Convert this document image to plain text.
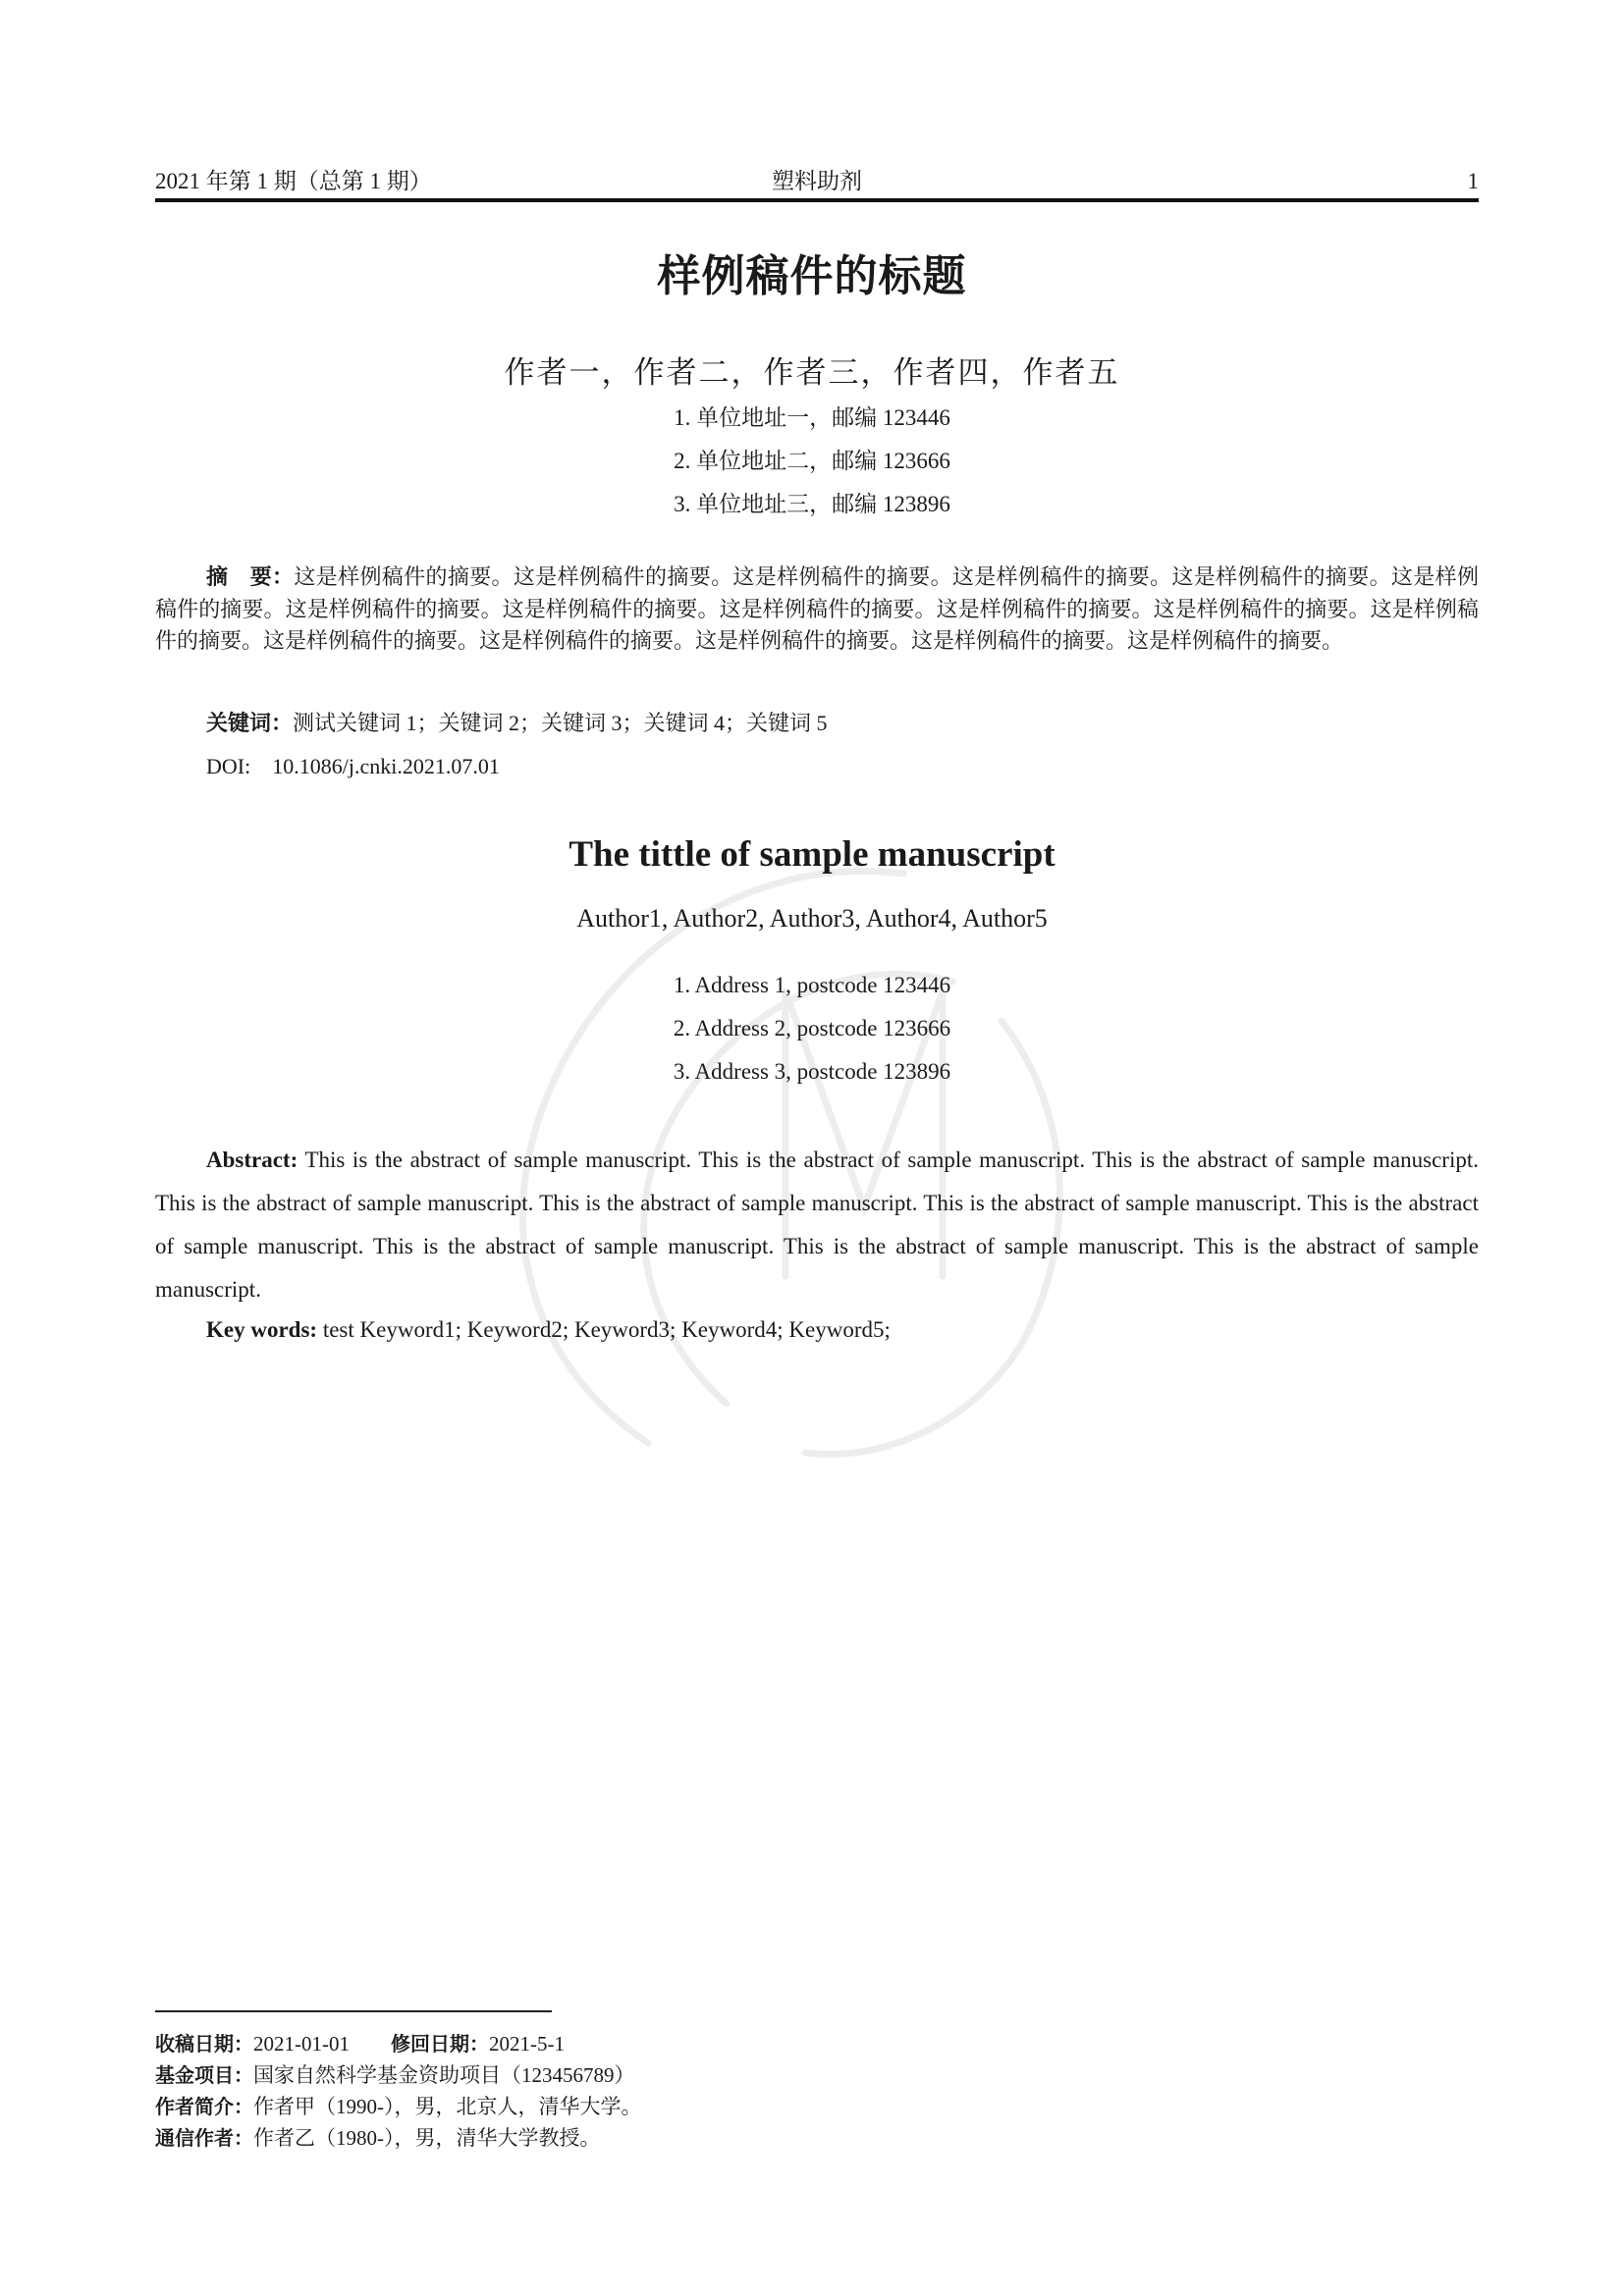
2021 年第 1 期（总第 1 期）	塑料助剂	1
样例稿件的标题
作者一，作者二，作者三，作者四，作者五
1. 单位地址一，邮编 123446
2. 单位地址二，邮编 123666
3. 单位地址三，邮编 123896
摘　要：这是样例稿件的摘要。这是样例稿件的摘要。这是样例稿件的摘要。这是样例稿件的摘要。这是样例稿件的摘要。这是样例稿件的摘要。这是样例稿件的摘要。这是样例稿件的摘要。这是样例稿件的摘要。这是样例稿件的摘要。这是样例稿件的摘要。这是样例稿件的摘要。这是样例稿件的摘要。这是样例稿件的摘要。这是样例稿件的摘要。这是样例稿件的摘要。这是样例稿件的摘要。
关键词：测试关键词 1；关键词 2；关键词 3；关键词 4；关键词 5
DOI: 10.1086/j.cnki.2021.07.01
The tittle of sample manuscript
Author1, Author2, Author3, Author4, Author5
1. Address 1, postcode 123446
2. Address 2, postcode 123666
3. Address 3, postcode 123896
Abstract: This is the abstract of sample manuscript. This is the abstract of sample manuscript. This is the abstract of sample manuscript. This is the abstract of sample manuscript. This is the abstract of sample manuscript. This is the abstract of sample manuscript. This is the abstract of sample manuscript. This is the abstract of sample manuscript. This is the abstract of sample manuscript. This is the abstract of sample manuscript.
Key words: test Keyword1; Keyword2; Keyword3; Keyword4; Keyword5;
收稿日期：2021-01-01 修回日期：2021-5-1
基金项目：国家自然科学基金资助项目（123456789）
作者简介：作者甲（1990-），男，北京人，清华大学。
通信作者：作者乙（1980-），男，清华大学教授。
